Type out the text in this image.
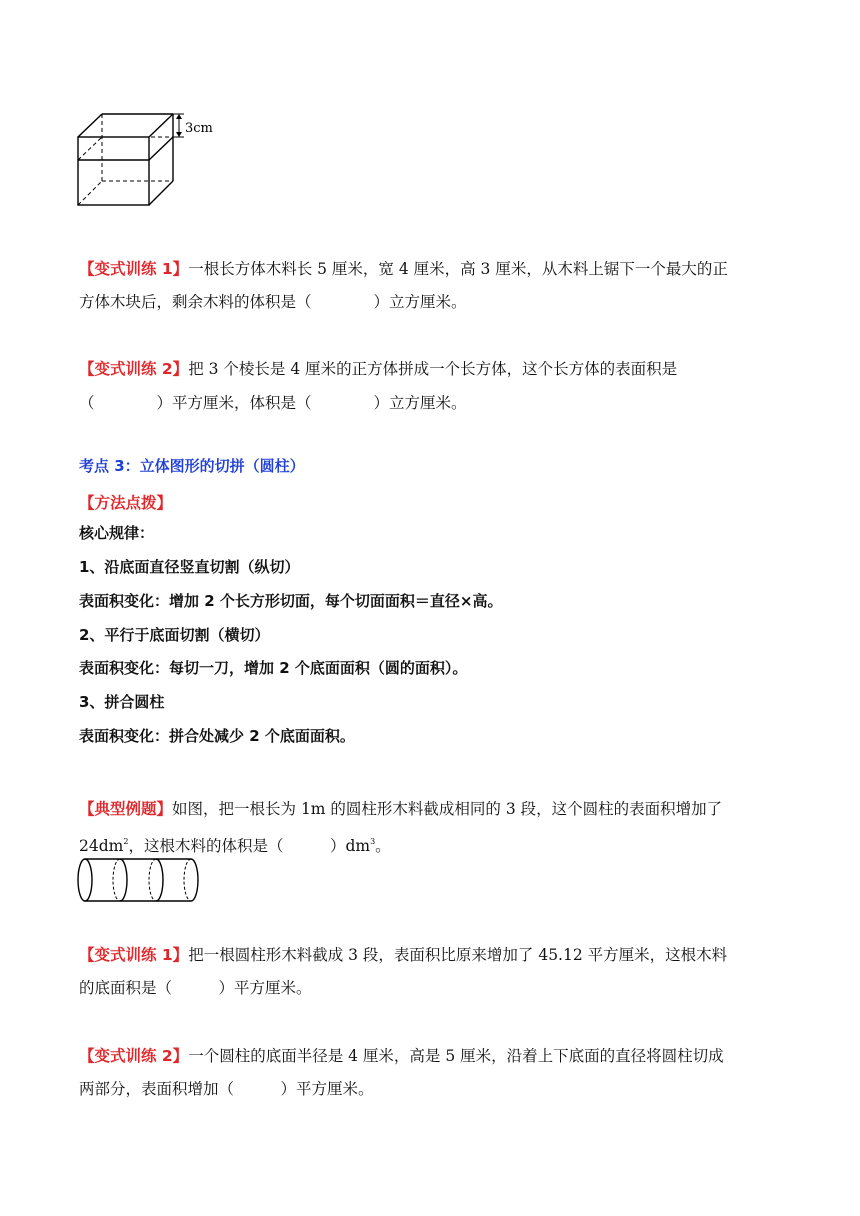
3cm
【变式训练 1】一根长方体木料长 5 厘米，宽 4 厘米，高 3 厘米，从木料上锯下一个最大的正
方体木块后，剩余木料的体积是（　　　　）立方厘米。
【变式训练 2】把 3 个棱长是 4 厘米的正方体拼成一个长方体，这个长方体的表面积是
（　　　　）平方厘米，体积是（　　　　）立方厘米。
考点 3：立体图形的切拼（圆柱）
【方法点拨】
核心规律：
1、沿底面直径竖直切割（纵切）
表面积变化：增加 2 个长方形切面，每个切面面积＝直径×高。
2、平行于底面切割（横切）
表面积变化：每切一刀，增加 2 个底面面积（圆的面积）。
3、拼合圆柱
表面积变化：拼合处减少 2 个底面面积。
【典型例题】如图，把一根长为 1m 的圆柱形木料截成相同的 3 段，这个圆柱的表面积增加了
$24dm^2$，这根木料的体积是（　　　）$dm^3$。
【变式训练 1】把一根圆柱形木料截成 3 段，表面积比原来增加了 45.12 平方厘米，这根木料
的底面积是（　　　）平方厘米。
【变式训练 2】一个圆柱的底面半径是 4 厘米，高是 5 厘米，沿着上下底面的直径将圆柱切成
两部分，表面积增加（　　　）平方厘米。
